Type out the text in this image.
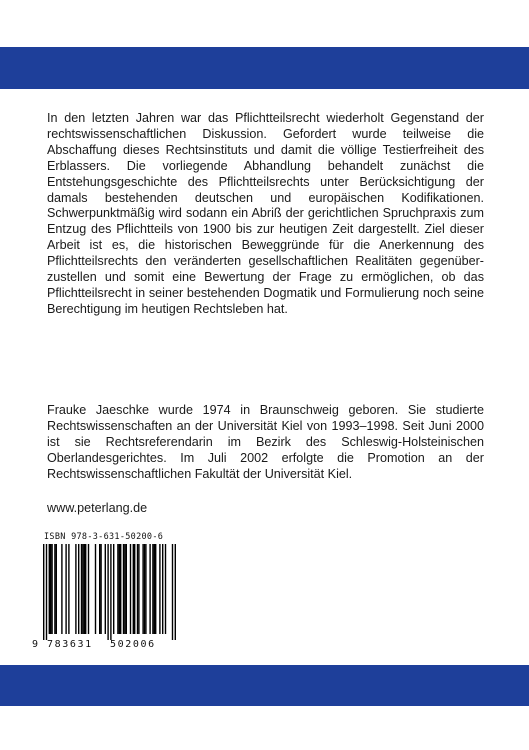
In den letzten Jahren war das Pflichtteilsrecht wiederholt Gegenstand der rechtswissenschaftlichen Diskussion. Gefordert wurde teilweise die Abschaffung dieses Rechtsinstituts und damit die völlige Testierfreiheit des Erblassers. Die vorliegende Abhandlung behandelt zunächst die Entstehungsgeschichte des Pflichtteilsrechts unter Berücksichtigung der damals bestehenden deutschen und europäischen Kodifikationen. Schwerpunktmäßig wird sodann ein Abriß der gerichtlichen Spruchpraxis zum Entzug des Pflichtteils von 1900 bis zur heutigen Zeit dargestellt. Ziel dieser Arbeit ist es, die historischen Beweggründe für die Anerkennung des Pflichtteilsrechts den veränderten gesellschaftlichen Realitäten gegenüberzustellen und somit eine Bewertung der Frage zu ermöglichen, ob das Pflichtteilsrecht in seiner bestehenden Dogmatik und Formulierung noch seine Berechtigung im heutigen Rechtsleben hat.
Frauke Jaeschke wurde 1974 in Braunschweig geboren. Sie studierte Rechtswissenschaften an der Universität Kiel von 1993–1998. Seit Juni 2000 ist sie Rechtsreferendarin im Bezirk des Schleswig-Holsteinischen Oberlandesgerichtes. Im Juli 2002 erfolgte die Promotion an der Rechtswissenschaftlichen Fakultät der Universität Kiel.
www.peterlang.de
ISBN 978-3-631-50200-6
9 783631 502006
